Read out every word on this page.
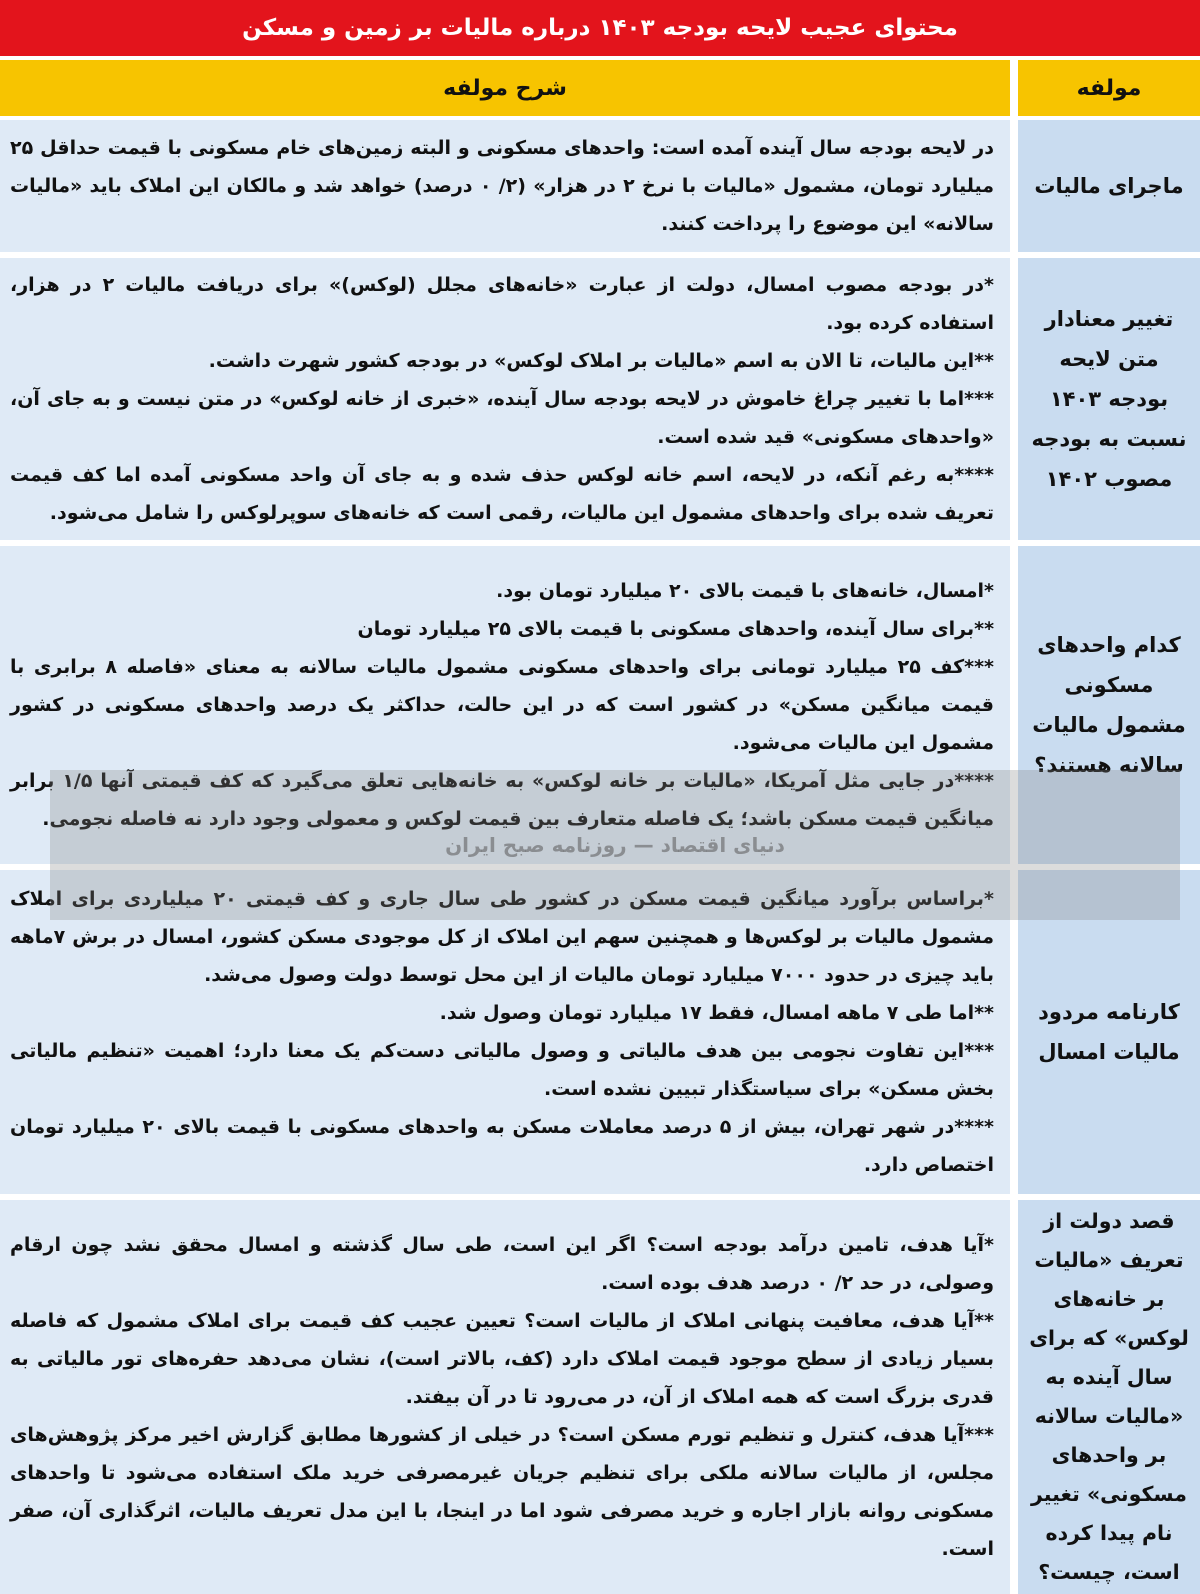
محتوای عجیب لایحه بودجه ۱۴۰۳ درباره مالیات بر زمین و مسکن
مولفه
شرح مولفه
ماجرای مالیات

در لایحه بودجه سال آینده آمده است: واحدهای مسکونی و البته زمین‌های خام مسکونی با قیمت حداقل ۲۵ میلیارد تومان، مشمول «مالیات با نرخ ۲ در هزار» (۲/ ۰ درصد) خواهد شد و مالکان این املاک باید «مالیات سالانه» این موضوع را پرداخت کنند.

تغییر معنادار متن لایحه بودجه ۱۴۰۳ نسبت به بودجه مصوب ۱۴۰۲

*در بودجه مصوب امسال، دولت از عبارت «خانه‌های مجلل (لوکس)» برای دریافت مالیات ۲ در هزار، استفاده کرده بود.

**این مالیات، تا الان به اسم «مالیات بر املاک لوکس» در بودجه کشور شهرت داشت.

***اما با تغییر چراغ خاموش در لایحه بودجه سال آینده، «خبری از خانه لوکس» در متن نیست و به جای آن، «واحدهای مسکونی» قید شده است.

****به رغم آنکه، در لایحه، اسم خانه لوکس حذف شده و به جای آن واحد مسکونی آمده اما کف قیمت تعریف شده برای واحدهای مشمول این مالیات، رقمی است که خانه‌های سوپرلوکس را شامل می‌شود.

کدام واحدهای مسکونی مشمول مالیات سالانه هستند؟

*امسال، خانه‌های با قیمت بالای ۲۰ میلیارد تومان بود.

**برای سال آینده، واحدهای مسکونی با قیمت بالای ۲۵ میلیارد تومان

***کف ۲۵ میلیارد تومانی برای واحدهای مسکونی مشمول مالیات سالانه به معنای «فاصله ۸ برابری با قیمت میانگین مسکن» در کشور است که در این حالت، حداکثر یک درصد واحدهای مسکونی در کشور مشمول این مالیات می‌شود.

****در جایی مثل آمریکا، «مالیات بر خانه لوکس» به خانه‌هایی تعلق می‌گیرد که کف قیمتی آنها ۱/۵ برابر میانگین قیمت مسکن باشد؛ یک فاصله متعارف بین قیمت لوکس و معمولی وجود دارد نه فاصله نجومی.

کارنامه مردود مالیات امسال

*براساس برآورد میانگین قیمت مسکن در کشور طی سال جاری و کف قیمتی ۲۰ میلیاردی برای املاک مشمول مالیات بر لوکس‌ها و همچنین سهم این املاک از کل موجودی مسکن کشور، امسال در برش ۷ماهه باید چیزی در حدود ۷۰۰۰ میلیارد تومان مالیات از این محل توسط دولت وصول می‌شد.

**اما طی ۷ ماهه امسال، فقط ۱۷ میلیارد تومان وصول شد.

***این تفاوت نجومی بین هدف مالیاتی و وصول مالیاتی دست‌کم یک معنا دارد؛ اهمیت «تنظیم مالیاتی بخش مسکن» برای سیاستگذار تبیین نشده است.

****در شهر تهران، بیش از ۵ درصد معاملات مسکن به واحدهای مسکونی با قیمت بالای ۲۰ میلیارد تومان اختصاص دارد.

قصد دولت از تعریف «مالیات بر خانه‌های لوکس» که برای سال آینده به «مالیات سالانه بر واحدهای مسکونی» تغییر نام پیدا کرده است، چیست؟

*آیا هدف، تامین درآمد بودجه است؟ اگر این است، طی سال گذشته و امسال محقق نشد چون ارقام وصولی، در حد ۲/ ۰ درصد هدف بوده است.

**آیا هدف، معافیت پنهانی املاک از مالیات است؟ تعیین عجیب کف قیمت برای املاک مشمول که فاصله بسیار زیادی از سطح موجود قیمت املاک دارد (کف، بالاتر است)، نشان می‌دهد حفره‌های تور مالیاتی به قدری بزرگ است که همه املاک از آن، در می‌رود تا در آن بیفتد.

***آیا هدف، کنترل و تنظیم تورم مسکن است؟ در خیلی از کشورها مطابق گزارش اخیر مرکز پژوهش‌های مجلس، از مالیات سالانه ملکی برای تنظیم جریان غیرمصرفی خرید ملک استفاده می‌شود تا واحدهای مسکونی روانه بازار اجاره و خرید مصرفی شود اما در اینجا، با این مدل تعریف مالیات، اثرگذاری آن، صفر است.

دنیای اقتصاد — روزنامه صبح ایران
